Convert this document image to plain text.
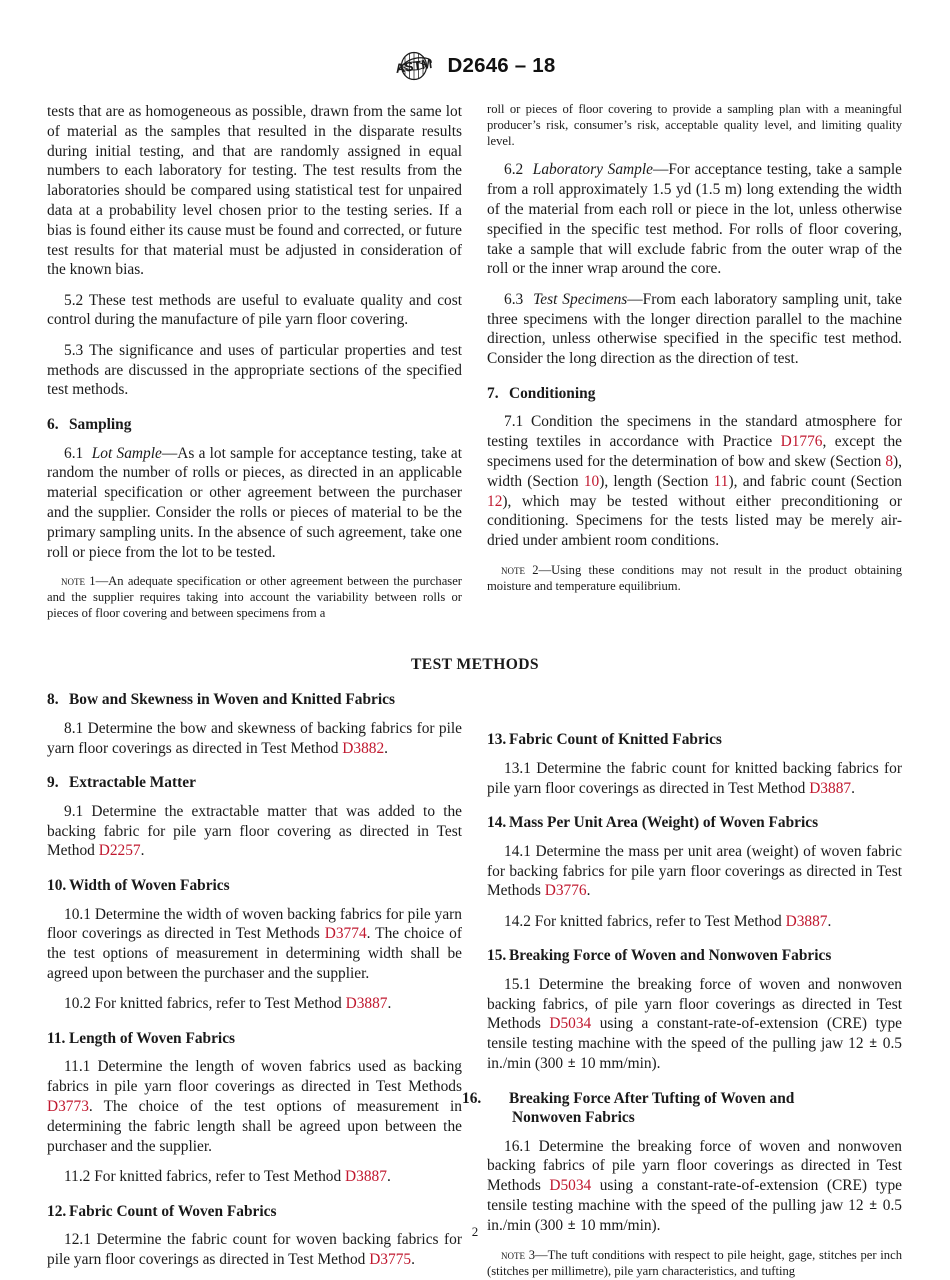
ASTM D2646 – 18

tests that are as homogeneous as possible, drawn from the same lot of material as the samples that resulted in the disparate results during initial testing, and that are randomly assigned in equal numbers to each laboratory for testing. The test results from the laboratories should be compared using statistical test for unpaired data at a probability level chosen prior to the testing series. If a bias is found either its cause must be found and corrected, or future test results for that material must be adjusted in consideration of the known bias.

5.2 These test methods are useful to evaluate quality and cost control during the manufacture of pile yarn floor covering.

5.3 The significance and uses of particular properties and test methods are discussed in the appropriate sections of the specified test methods.

6. Sampling

6.1 Lot Sample—As a lot sample for acceptance testing, take at random the number of rolls or pieces, as directed in an applicable material specification or other agreement between the purchaser and the supplier. Consider the rolls or pieces of material to be the primary sampling units. In the absence of such agreement, take one roll or piece from the lot to be tested.

note 1—An adequate specification or other agreement between the purchaser and the supplier requires taking into account the variability between rolls or pieces of floor covering and between specimens from a

roll or pieces of floor covering to provide a sampling plan with a meaningful producer’s risk, consumer’s risk, acceptable quality level, and limiting quality level.

6.2 Laboratory Sample—For acceptance testing, take a sample from a roll approximately 1.5 yd (1.5 m) long extending the width of the material from each roll or piece in the lot, unless otherwise specified in the specific test method. For rolls of floor covering, take a sample that will exclude fabric from the outer wrap of the roll or the inner wrap around the core.

6.3 Test Specimens—From each laboratory sampling unit, take three specimens with the longer direction parallel to the machine direction, unless otherwise specified in the specific test method. Consider the long direction as the direction of test.

7. Conditioning

7.1 Condition the specimens in the standard atmosphere for testing textiles in accordance with Practice D1776, except the specimens used for the determination of bow and skew (Section 8), width (Section 10), length (Section 11), and fabric count (Section 12), which may be tested without either preconditioning or conditioning. Specimens for the tests listed may be merely air-dried under ambient room conditions.

note 2—Using these conditions may not result in the product obtaining moisture and temperature equilibrium.

TEST METHODS
8. Bow and Skewness in Woven and Knitted Fabrics

8.1 Determine the bow and skewness of backing fabrics for pile yarn floor coverings as directed in Test Method D3882.

9. Extractable Matter

9.1 Determine the extractable matter that was added to the backing fabric for pile yarn floor covering as directed in Test Method D2257.

10. Width of Woven Fabrics

10.1 Determine the width of woven backing fabrics for pile yarn floor coverings as directed in Test Methods D3774. The choice of the test options of measurement in determining width shall be agreed upon between the purchaser and the supplier.

10.2 For knitted fabrics, refer to Test Method D3887.

11. Length of Woven Fabrics

11.1 Determine the length of woven fabrics used as backing fabrics in pile yarn floor coverings as directed in Test Methods D3773. The choice of the test options of measurement in determining the fabric length shall be agreed upon between the purchaser and the supplier.

11.2 For knitted fabrics, refer to Test Method D3887.

12. Fabric Count of Woven Fabrics

12.1 Determine the fabric count for woven backing fabrics for pile yarn floor coverings as directed in Test Method D3775.

13. Fabric Count of Knitted Fabrics

13.1 Determine the fabric count for knitted backing fabrics for pile yarn floor coverings as directed in Test Method D3887.

14. Mass Per Unit Area (Weight) of Woven Fabrics

14.1 Determine the mass per unit area (weight) of woven fabric for backing fabrics for pile yarn floor coverings as directed in Test Methods D3776.

14.2 For knitted fabrics, refer to Test Method D3887.

15. Breaking Force of Woven and Nonwoven Fabrics

15.1 Determine the breaking force of woven and nonwoven backing fabrics, of pile yarn floor coverings as directed in Test Methods D5034 using a constant-rate-of-extension (CRE) type tensile testing machine with the speed of the pulling jaw 12 ± 0.5 in./min (300 ± 10 mm/min).

16. Breaking Force After Tufting of Woven and
Nonwoven Fabrics

16.1 Determine the breaking force of woven and nonwoven backing fabrics of pile yarn floor coverings as directed in Test Methods D5034 using a constant-rate-of-extension (CRE) type tensile testing machine with the speed of the pulling jaw 12 ± 0.5 in./min (300 ± 10 mm/min).

note 3—The tuft conditions with respect to pile height, gage, stitches per inch (stitches per millimetre), pile yarn characteristics, and tufting

2
